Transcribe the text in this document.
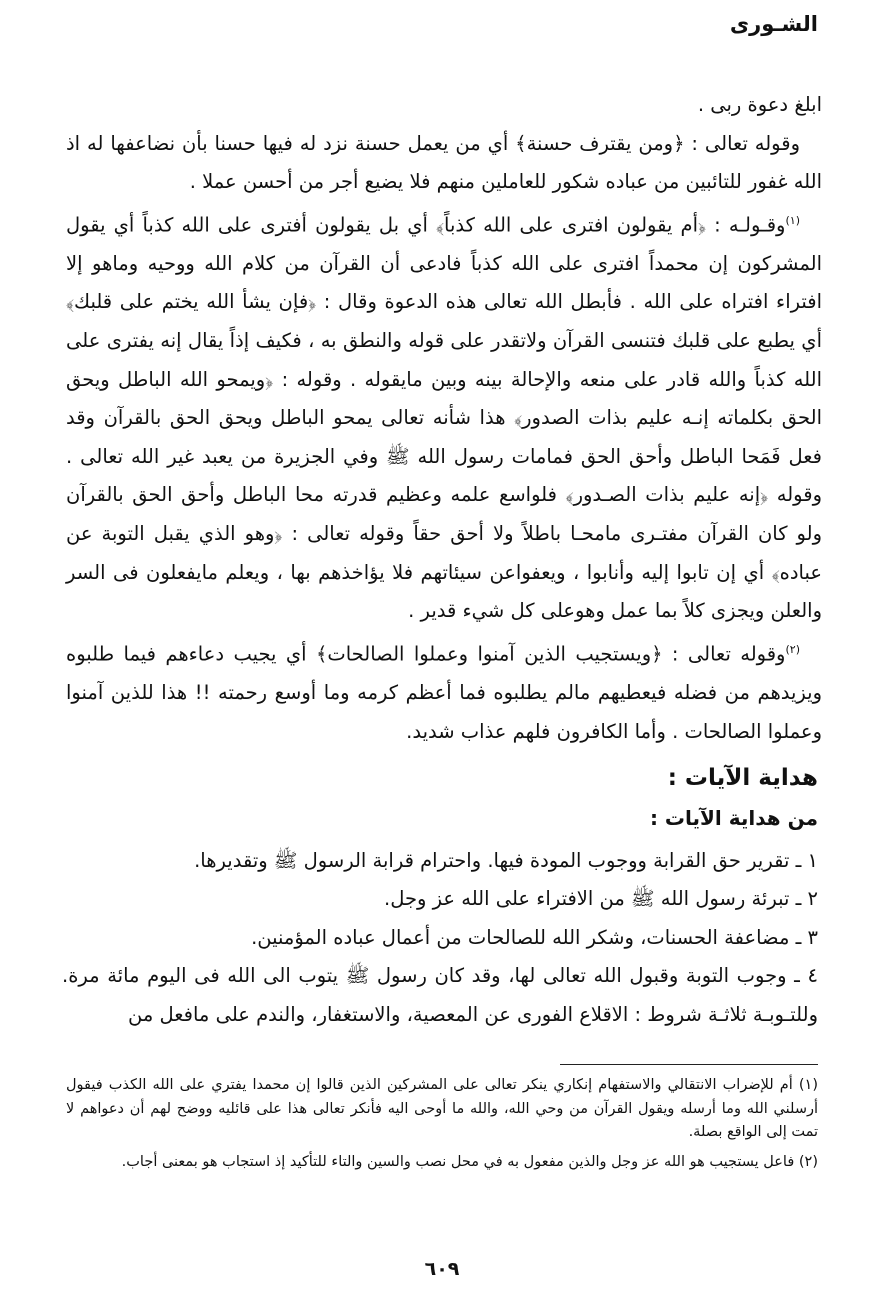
الشـورى

ابلغ دعوة ربى .

وقوله تعالى : ﴿ومن يقترف حسنة﴾ أي من يعمل حسنة نزد له فيها حسنا بأن نضاعفها له اذ الله غفور للتائبين من عباده شكور للعاملين منهم فلا يضيع أجر من أحسن عملا .

$^{(١)}$وقـولـه : ﴿أم يقولون افترى على الله كذباً﴾ أي بل يقولون أفترى على الله كذباً أي يقول المشركون إن محمداً افترى على الله كذباً فادعى أن القرآن من كلام الله ووحيه وماهو إلا افتراء افتراه على الله . فأبطل الله تعالى هذه الدعوة وقال : ﴿فإن يشأ الله يختم على قلبك﴾ أي يطبع على قلبك فتنسى القرآن ولاتقدر على قوله والنطق به ، فكيف إذاً يقال إنه يفترى على الله كذباً والله قادر على منعه والإحالة بينه وبين مايقوله . وقوله : ﴿ويمحو الله الباطل ويحق الحق بكلماته إنـه عليم بذات الصدور﴾ هذا شأنه تعالى يمحو الباطل ويحق الحق بالقرآن وقد فعل فَمَحا الباطل وأحق الحق فمامات رسول الله ﷺ وفي الجزيرة من يعبد غير الله تعالى . وقوله ﴿إنه عليم بذات الصـدور﴾ فلواسع علمه وعظيم قدرته محا الباطل وأحق الحق بالقرآن ولو كان القرآن مفتـرى مامحـا باطلاً ولا أحق حقاً وقوله تعالى : ﴿وهو الذي يقبل التوبة عن عباده﴾ أي إن تابوا إليه وأنابوا ، ويعفواعن سيئاتهم فلا يؤاخذهم بها ، ويعلم مايفعلون فى السر والعلن ويجزى كلاً بما عمل وهوعلى كل شيء قدير .

$^{(٢)}$وقوله تعالى : ﴿ويستجيب الذين آمنوا وعملوا الصالحات﴾ أي يجيب دعاءهم فيما طلبوه ويزيدهم من فضله فيعطيهم مالم يطلبوه فما أعظم كرمه وما أوسع رحمته !! هذا للذين آمنوا وعملوا الصالحات . وأما الكافرون فلهم عذاب شديد.

هداية الآيات :
من هداية الآيات :

١ ـ تقرير حق القرابة ووجوب المودة فيها. واحترام قرابة الرسول ﷺ وتقديرها.

٢ ـ تبرئة رسول الله ﷺ من الافتراء على الله عز وجل.

٣ ـ مضاعفة الحسنات، وشكر الله للصالحات من أعمال عباده المؤمنين.

٤ ـ وجوب التوبة وقبول الله تعالى لها، وقد كان رسول ﷺ يتوب الى الله فى اليوم مائة مرة. وللتـوبـة ثلاثـة شروط : الاقلاع الفورى عن المعصية، والاستغفار، والندم على مافعل من

(١) أم للإضراب الانتقالي والاستفهام إنكاري ينكر تعالى على المشركين الذين قالوا إن محمدا يفتري على الله الكذب فيقول أرسلني الله وما أرسله ويقول القرآن من وحي الله، والله ما أوحى اليه فأنكر تعالى هذا على قائليه ووضح لهم أن دعواهم لا تمت إلى الواقع بصلة.

(٢) فاعل يستجيب هو الله عز وجل والذين مفعول به في محل نصب والسين والتاء للتأكيد إذ استجاب هو بمعنى أجاب.

٦٠٩
